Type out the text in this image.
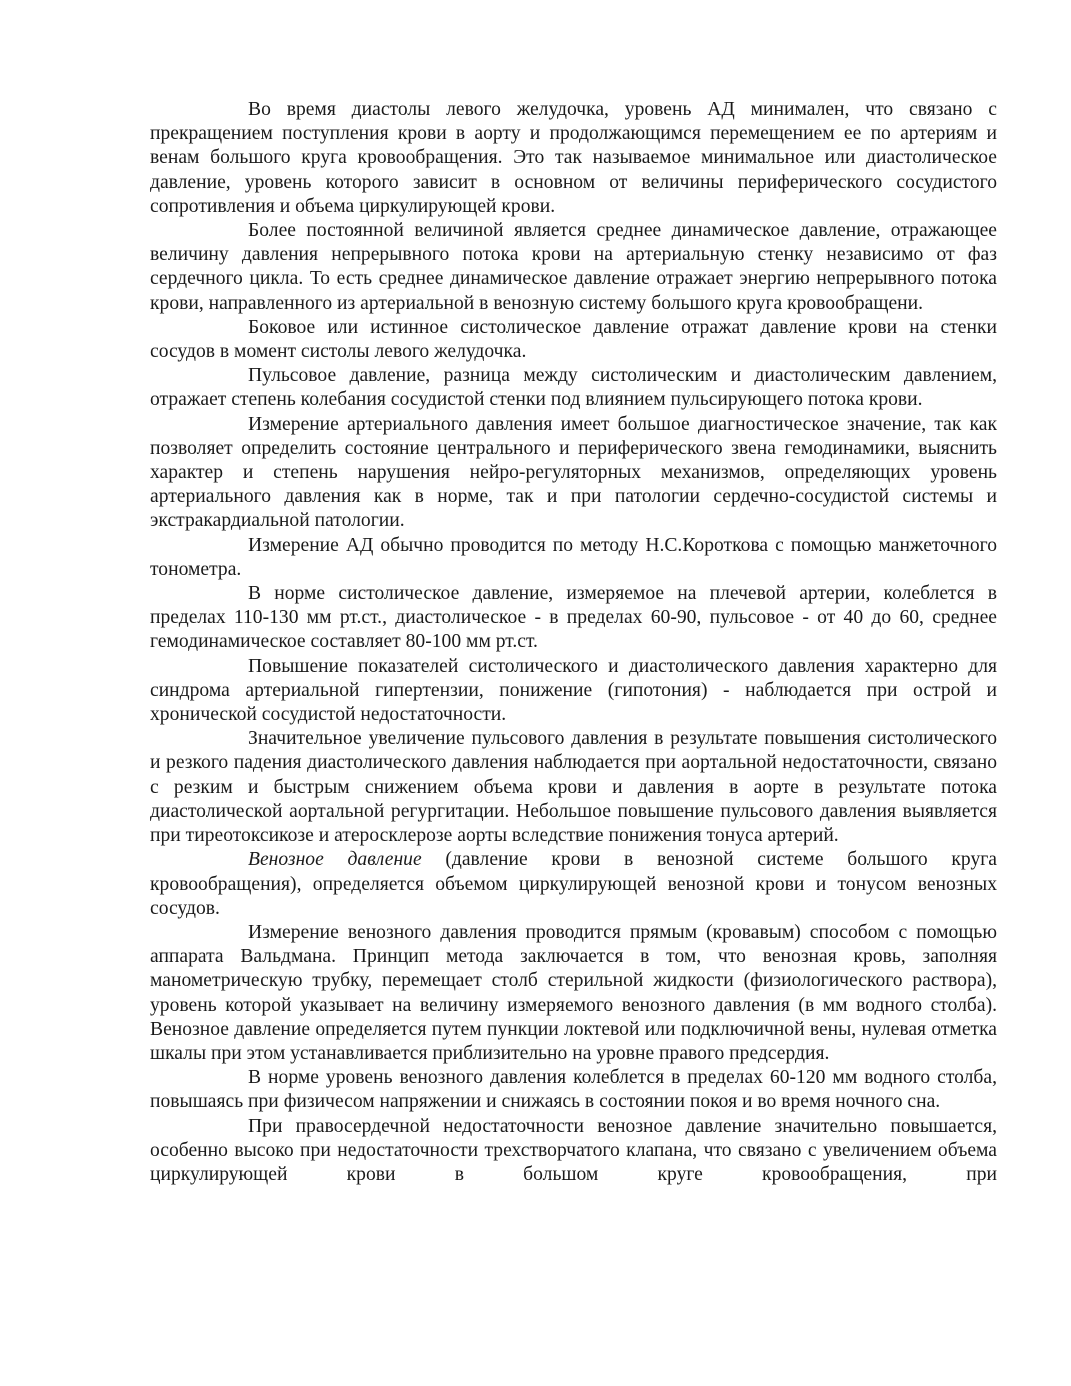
Во время диастолы левого желудочка, уровень АД минимален, что связано с прекращением поступления крови в аорту и продолжающимся перемещением ее по артериям и венам большого круга кровообращения. Это так называемое минимальное или диастолическое давление, уровень которого зависит в основном от величины периферического сосудистого сопротивления и объема циркулирующей крови.

Более постоянной величиной является среднее динамическое давление, отражающее величину давления непрерывного потока крови на артериальную стенку независимо от фаз сердечного цикла. То есть среднее динамическое давление отражает энергию непрерывного потока крови, направленного из артериальной в венозную систему большого круга кровообращени.

Боковое или истинное систолическое давление отражат давление крови на стенки сосудов в момент систолы левого желудочка.

Пульсовое давление, разница между систолическим и диастолическим давлением, отражает степень колебания сосудистой стенки под влиянием пульсирующего потока крови.

Измерение артериального давления имеет большое диагностическое значение, так как позволяет определить состояние центрального и периферического звена гемодинамики, выяснить характер и степень нарушения нейро-регуляторных механизмов, определяющих уровень артериального давления как в норме, так и при патологии сердечно-сосудистой системы и экстракардиальной патологии.

Измерение АД обычно проводится по методу Н.С.Короткова с помощью манжеточного тонометра.

В норме систолическое давление, измеряемое на плечевой артерии, колеблется в пределах 110-130 мм рт.ст., диастолическое - в пределах 60-90, пульсовое - от 40 до 60, среднее гемодинамическое составляет 80-100 мм рт.ст.

Повышение показателей систолического и диастолического давления характерно для синдрома артериальной гипертензии, понижение (гипотония) - наблюдается при острой и хронической сосудистой недостаточности.

Значительное увеличение пульсового давления в результате повышения систолического и резкого падения диастолического давления наблюдается при аортальной недостаточности, связано с резким и быстрым снижением объема крови и давления в аорте в результате потока диастолической аортальной регургитации. Небольшое повышение пульсового давления выявляется при тиреотоксикозе и атеросклерозе аорты вследствие понижения тонуса артерий.

Венозное давление (давление крови в венозной системе большого круга кровообращения), определяется объемом циркулирующей венозной крови и тонусом венозных сосудов.

Измерение венозного давления проводится прямым (кровавым) способом с помощью аппарата Вальдмана. Принцип метода заключается в том, что венозная кровь, заполняя манометрическую трубку, перемещает столб стерильной жидкости (физиологического раствора), уровень которой указывает на величину измеряемого венозного давления (в мм водного столба). Венозное давление определяется путем пункции локтевой или подключичной вены, нулевая отметка шкалы при этом устанавливается приблизительно на уровне правого предсердия.

В норме уровень венозного давления колеблется в пределах 60-120 мм водного столба, повышаясь при физичесом напряжении и снижаясь в состоянии покоя и во время ночного сна.

При правосердечной недостаточности венозное давление значительно повышается, особенно высоко при недостаточности трехстворчатого клапана, что связано с увеличением объема циркулирующей крови в большом круге кровообращения, при
